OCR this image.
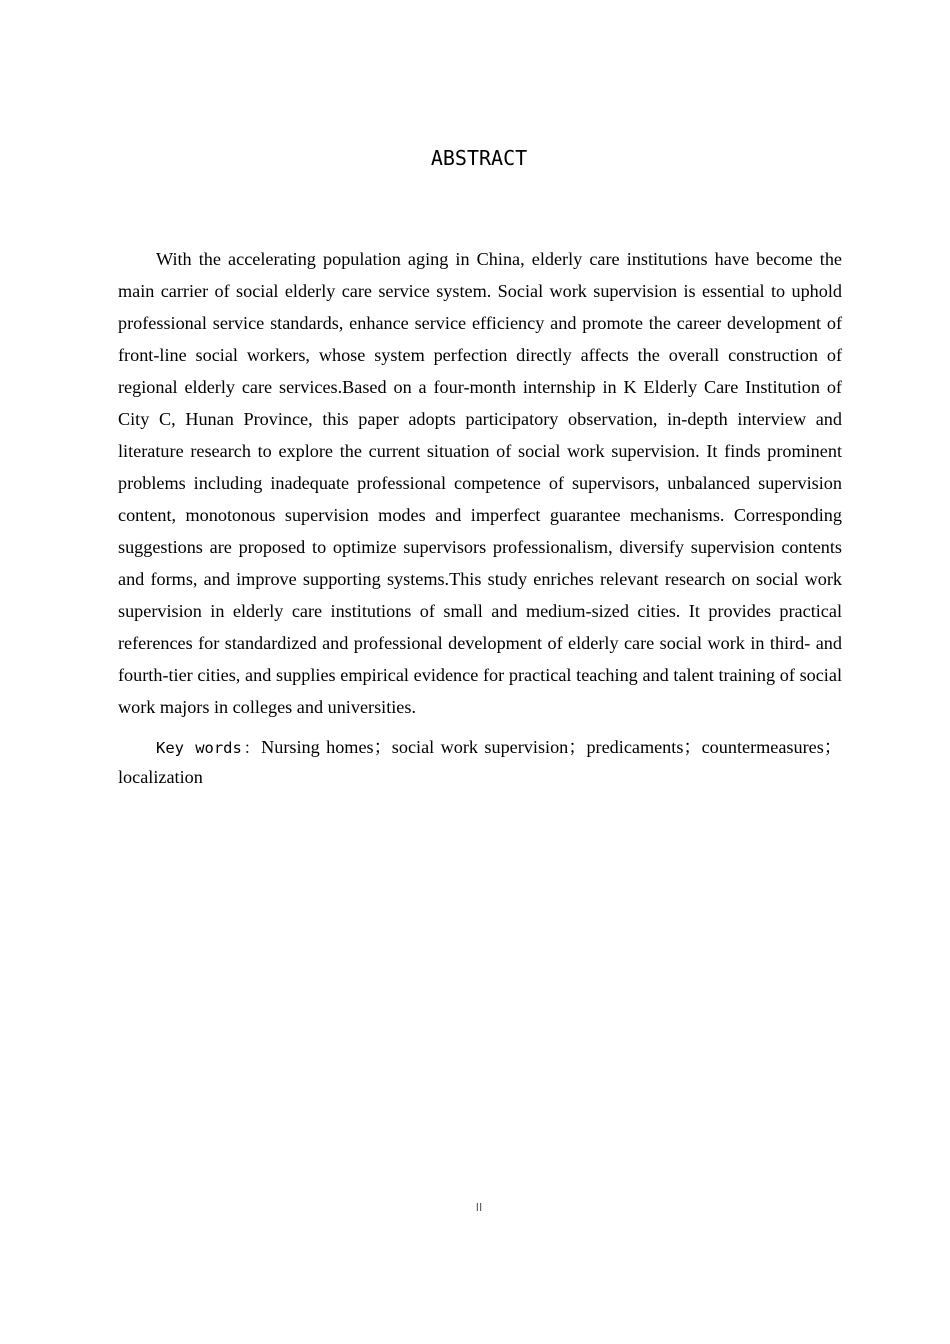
ABSTRACT

With the accelerating population aging in China, elderly care institutions have become the main carrier of social elderly care service system. Social work supervision is essential to uphold professional service standards, enhance service efficiency and promote the career development of front-line social workers, whose system perfection directly affects the overall construction of regional elderly care services.Based on a four-month internship in K Elderly Care Institution of City C, Hunan Province, this paper adopts participatory observation, in-depth interview and literature research to explore the current situation of social work supervision. It finds prominent problems including inadequate professional competence of supervisors, unbalanced supervision content, monotonous supervision modes and imperfect guarantee mechanisms. Corresponding suggestions are proposed to optimize supervisors professionalism, diversify supervision contents and forms, and improve supporting systems.This study enriches relevant research on social work supervision in elderly care institutions of small and medium-sized cities. It provides practical references for standardized and professional development of elderly care social work in third- and fourth-tier cities, and supplies empirical evidence for practical teaching and talent training of social work majors in colleges and universities.

Key words：Nursing homes；social work supervision；predicaments；countermeasures；localization

II
